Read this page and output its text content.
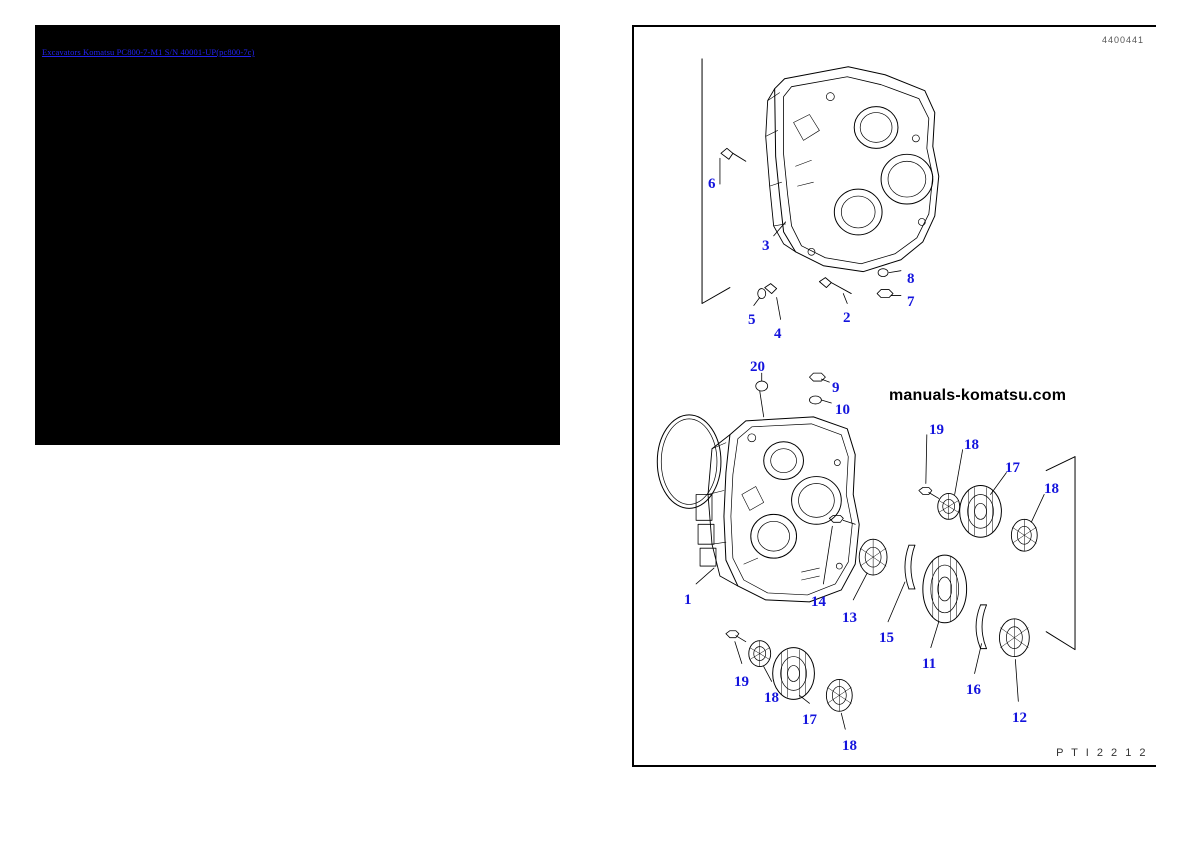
Excavators Komatsu PC800-7-M1 S/N 40001-UP(pc800-7c)
4400441
manuals-komatsu.com
P T I 2 2 1 2
6
3
8
7
5
4
2
20
9
10
19
18
17
18
1	14
13
15
11
16
12
19
18
17
18
